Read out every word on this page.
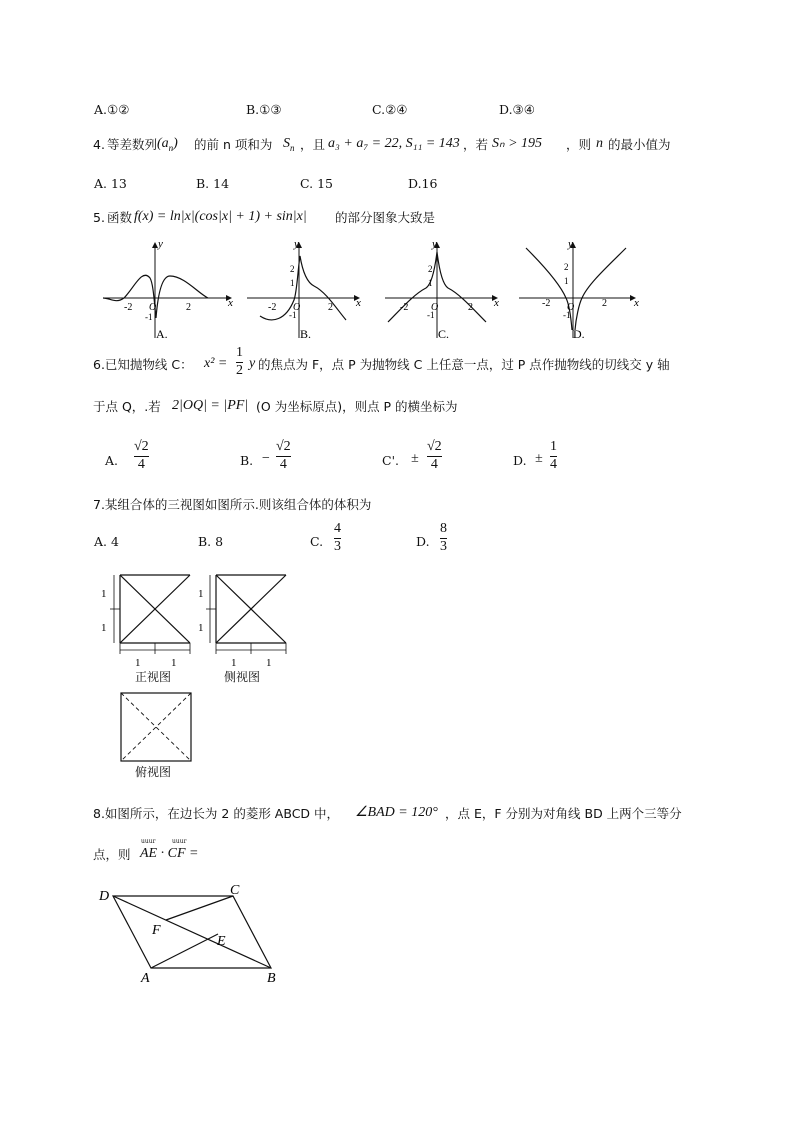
A.①②	B.①③	C.②④	D.③④
4. 等差数列 $(a_n)$ 的前 n 项和为 $S_n$ ，且 a₃ + a₇ = 22, S₁₁ = 143 ，若 Sₙ > 195 ，则 n 的最小值为
A. 13	B. 14	C. 15	D.16
5. 函数 f(x) = ln|x|(cos|x| + 1) + sin|x| 的部分图象大致是
y
x
O
-2	2
-1
A.
y
x
O
-2	2
2
1
-1
B.
y
x
O
-2	2
2
1
-1
C.
y
x
O
-2	2
2
1
-1
D.
6.已知抛物线 C： x² =
1
2 y 的焦点为 F，点 P 为抛物线 C 上任意一点，过 P 点作抛物线的切线交 y 轴
于点 Q，.若 2|OQ| = |PF| (O 为坐标原点)，则点 P 的横坐标为
A.
√2
4	B. −
√2
4	C'. ±
√2
4	D. ±
1
4
7.某组合体的三视图如图所示.则该组合体的体积为
A. 4	B. 8	C.
4
3	D.
8
3
1
1
1	1
正视图
1
1
1	1
侧视图
俯视图
8.如图所示，在边长为 2 的菱形 ABCD 中， ∠BAD = 120° ，点 E，F 分别为对角线 BD 上两个三等分
uuur	uuur
点，则 AE · CF =
D	C
A	B
F
E
